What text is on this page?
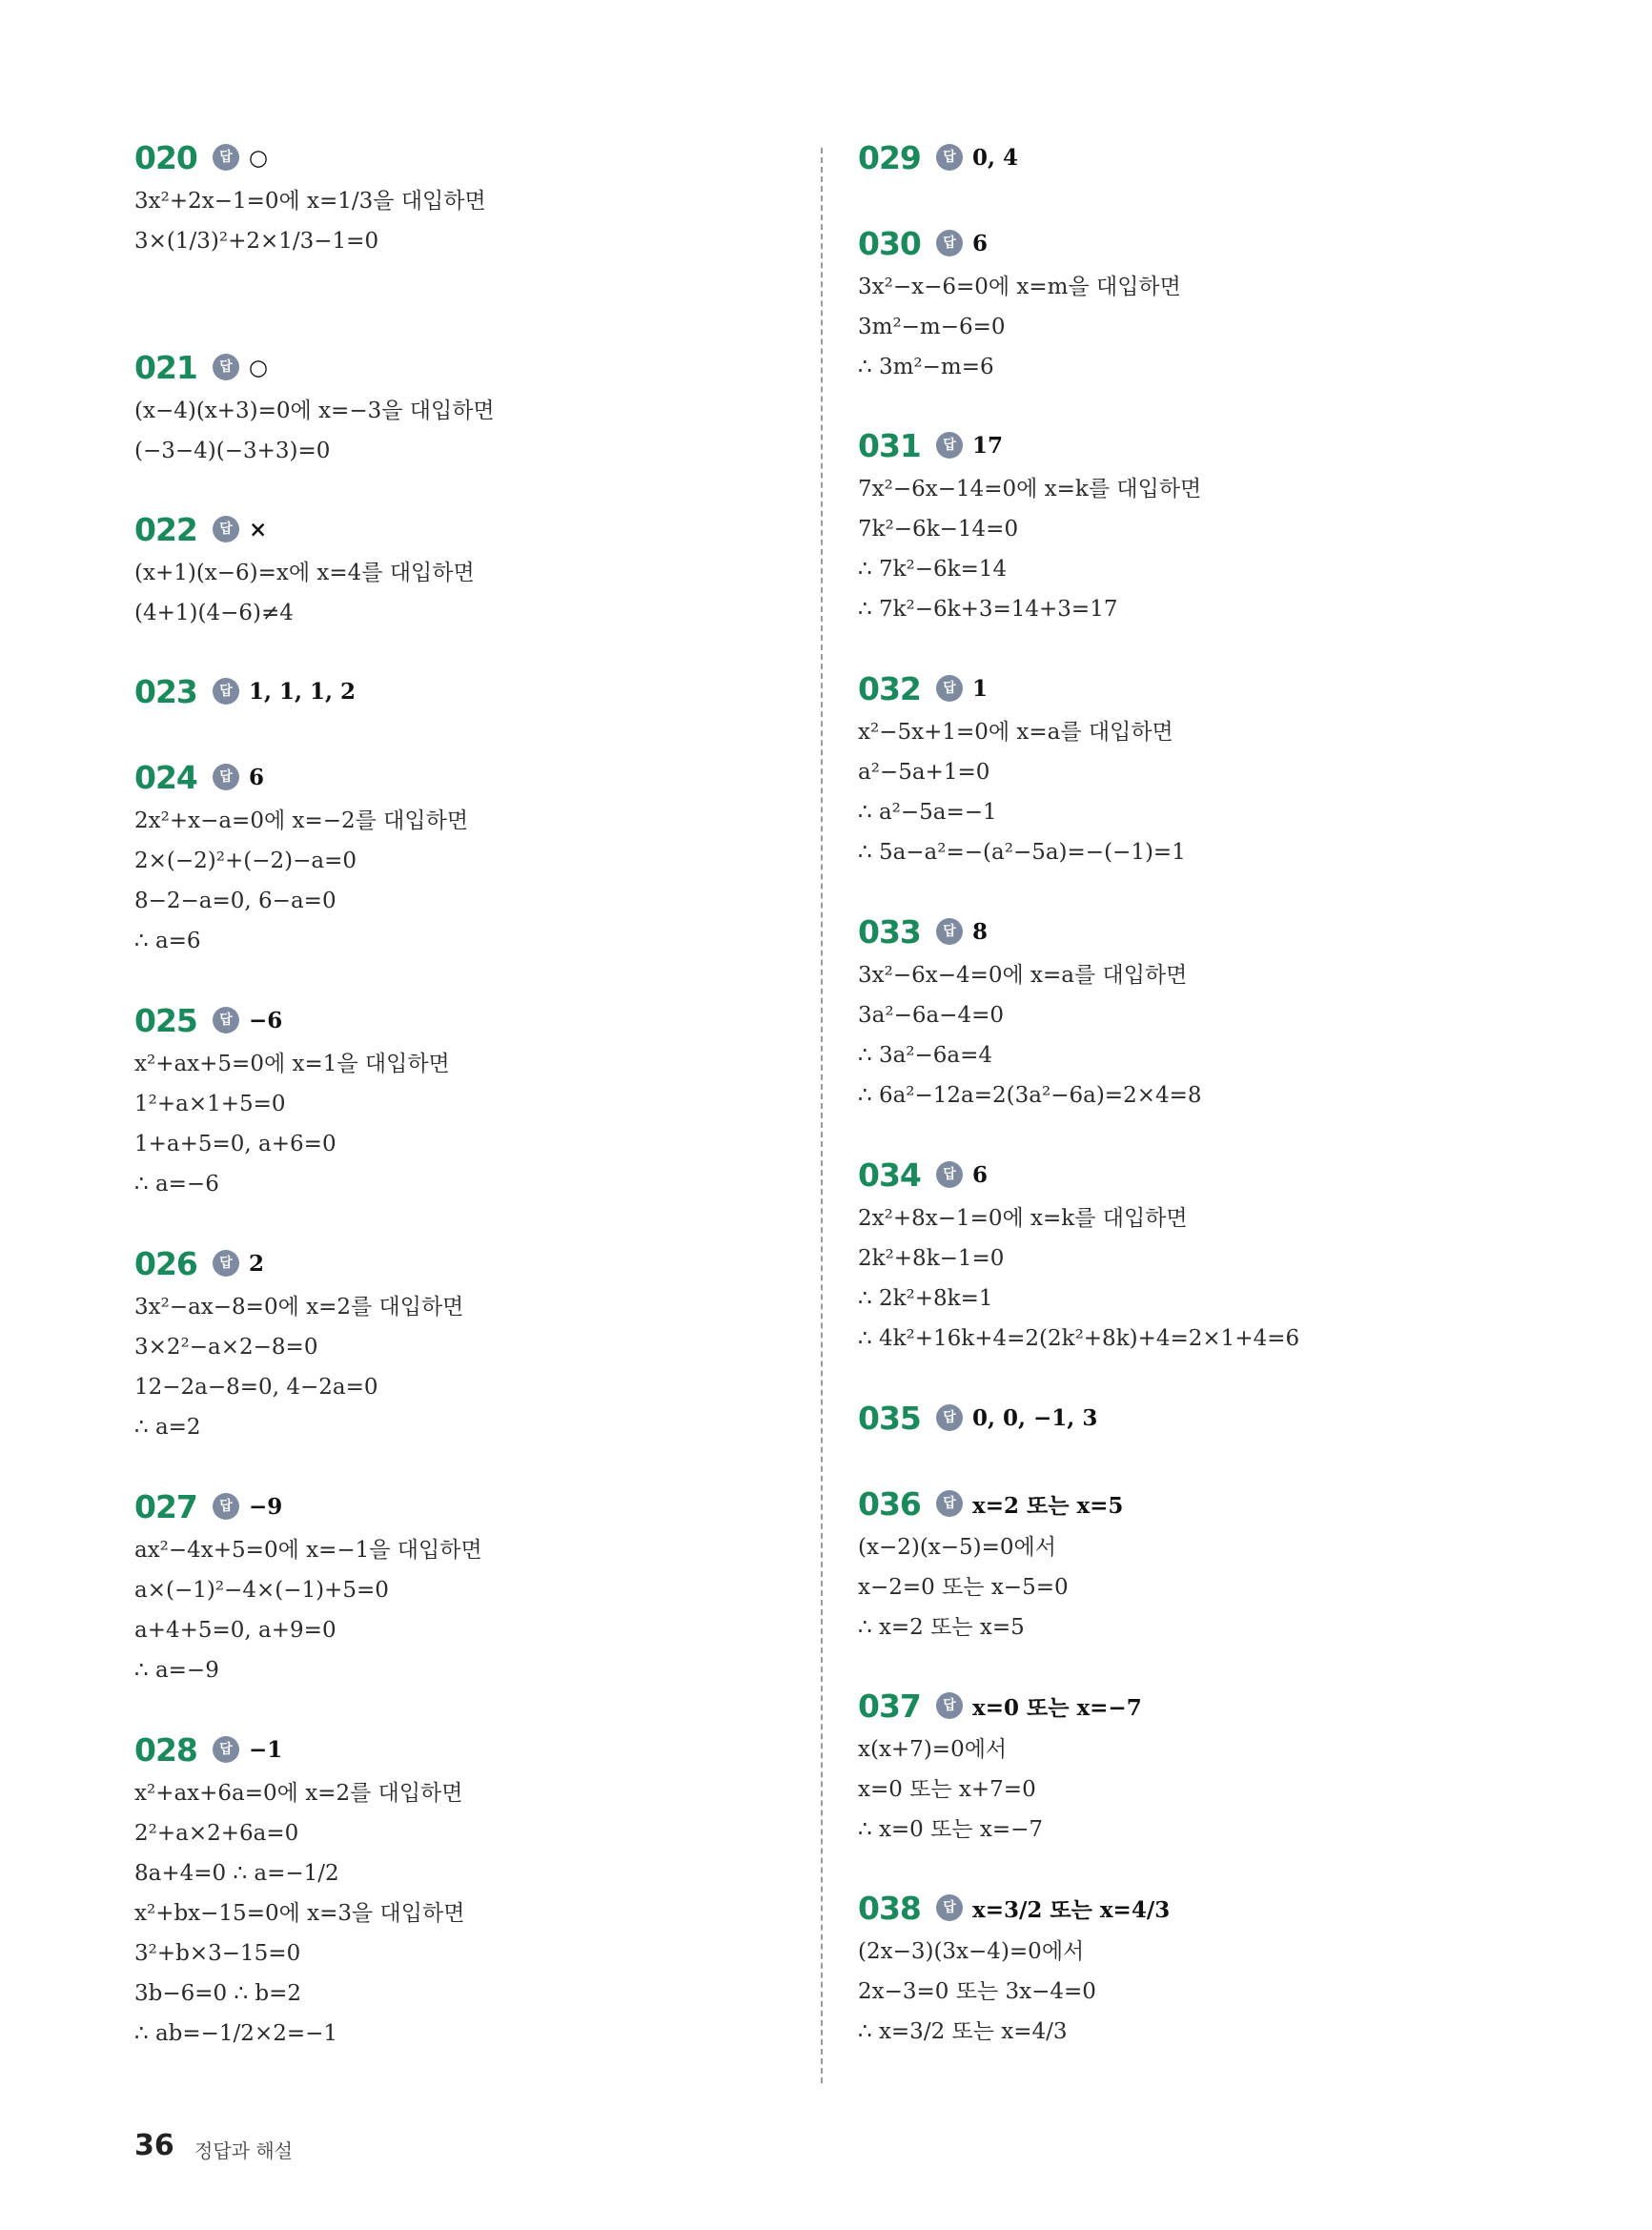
020	답 ○
3x²+2x−1=0에 x=1/3을 대입하면
3×(1/3)²+2×1/3−1=0
021	답 ○
(x−4)(x+3)=0에 x=−3을 대입하면
(−3−4)(−3+3)=0
022	답 ×
(x+1)(x−6)=x에 x=4를 대입하면
(4+1)(4−6)≠4
023	답 1, 1, 1, 2
024	답 6
2x²+x−a=0에 x=−2를 대입하면
2×(−2)²+(−2)−a=0
8−2−a=0, 6−a=0
∴ a=6
025	답 −6
x²+ax+5=0에 x=1을 대입하면
1²+a×1+5=0
1+a+5=0, a+6=0
∴ a=−6
026	답 2
3x²−ax−8=0에 x=2를 대입하면
3×2²−a×2−8=0
12−2a−8=0, 4−2a=0
∴ a=2
027	답 −9
ax²−4x+5=0에 x=−1을 대입하면
a×(−1)²−4×(−1)+5=0
a+4+5=0, a+9=0
∴ a=−9
028	답 −1
x²+ax+6a=0에 x=2를 대입하면
2²+a×2+6a=0
8a+4=0 ∴ a=−1/2
x²+bx−15=0에 x=3을 대입하면
3²+b×3−15=0
3b−6=0 ∴ b=2
∴ ab=−1/2×2=−1
029	답 0, 4
030	답 6
3x²−x−6=0에 x=m을 대입하면
3m²−m−6=0
∴ 3m²−m=6
031	답 17
7x²−6x−14=0에 x=k를 대입하면
7k²−6k−14=0
∴ 7k²−6k=14
∴ 7k²−6k+3=14+3=17
032	답 1
x²−5x+1=0에 x=a를 대입하면
a²−5a+1=0
∴ a²−5a=−1
∴ 5a−a²=−(a²−5a)=−(−1)=1
033	답 8
3x²−6x−4=0에 x=a를 대입하면
3a²−6a−4=0
∴ 3a²−6a=4
∴ 6a²−12a=2(3a²−6a)=2×4=8
034	답 6
2x²+8x−1=0에 x=k를 대입하면
2k²+8k−1=0
∴ 2k²+8k=1
∴ 4k²+16k+4=2(2k²+8k)+4=2×1+4=6
035	답 0, 0, −1, 3
036	답 x=2 또는 x=5
(x−2)(x−5)=0에서
x−2=0 또는 x−5=0
∴ x=2 또는 x=5
037	답 x=0 또는 x=−7
x(x+7)=0에서
x=0 또는 x+7=0
∴ x=0 또는 x=−7
038	답 x=3/2 또는 x=4/3
(2x−3)(3x−4)=0에서
2x−3=0 또는 3x−4=0
∴ x=3/2 또는 x=4/3
36 정답과 해설
